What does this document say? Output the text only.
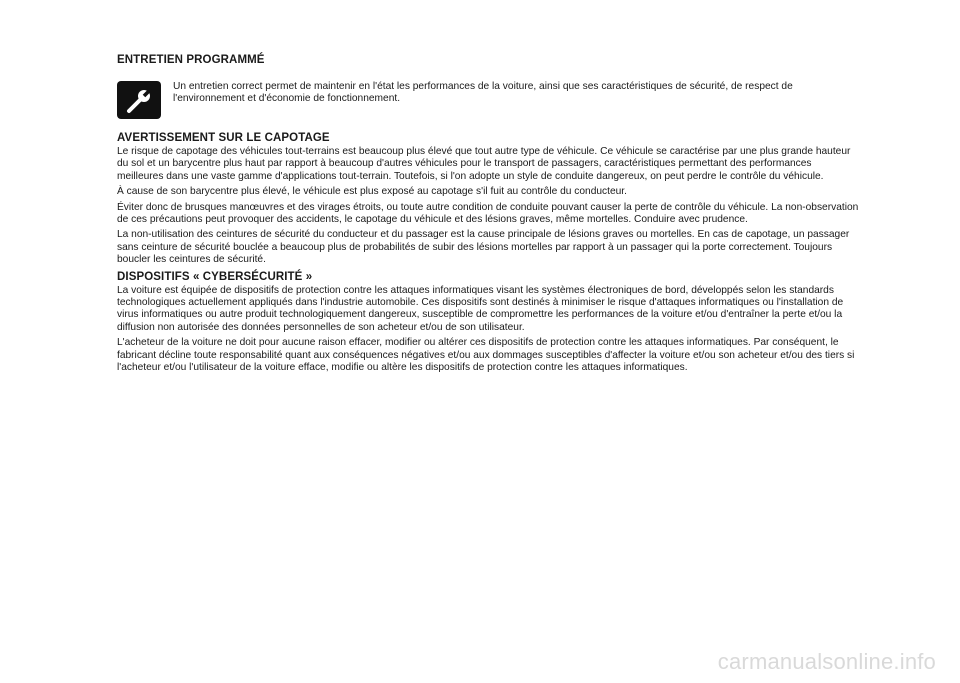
ENTRETIEN PROGRAMMÉ

Un entretien correct permet de maintenir en l'état les performances de la voiture, ainsi que ses caractéristiques de sécurité, de respect de l'environnement et d'économie de fonctionnement.

AVERTISSEMENT SUR LE CAPOTAGE

Le risque de capotage des véhicules tout-terrains est beaucoup plus élevé que tout autre type de véhicule. Ce véhicule se caractérise par une plus grande hauteur du sol et un barycentre plus haut par rapport à beaucoup d'autres véhicules pour le transport de passagers, caractéristiques permettant des performances meilleures dans une vaste gamme d'applications tout-terrain. Toutefois, si l'on adopte un style de conduite dangereux, on peut perdre le contrôle du véhicule.

À cause de son barycentre plus élevé, le véhicule est plus exposé au capotage s'il fuit au contrôle du conducteur.

Éviter donc de brusques manœuvres et des virages étroits, ou toute autre condition de conduite pouvant causer la perte de contrôle du véhicule. La non-observation de ces précautions peut provoquer des accidents, le capotage du véhicule et des lésions graves, même mortelles. Conduire avec prudence.

La non-utilisation des ceintures de sécurité du conducteur et du passager est la cause principale de lésions graves ou mortelles. En cas de capotage, un passager sans ceinture de sécurité bouclée a beaucoup plus de probabilités de subir des lésions mortelles par rapport à un passager qui la porte correctement. Toujours boucler les ceintures de sécurité.

DISPOSITIFS « CYBERSÉCURITÉ »

La voiture est équipée de dispositifs de protection contre les attaques informatiques visant les systèmes électroniques de bord, développés selon les standards technologiques actuellement appliqués dans l'industrie automobile. Ces dispositifs sont destinés à minimiser le risque d'attaques informatiques ou l'installation de virus informatiques ou autre produit technologiquement dangereux, susceptible de compromettre les performances de la voiture et/ou d'entraîner la perte et/ou la diffusion non autorisée des données personnelles de son acheteur et/ou de son utilisateur.

L'acheteur de la voiture ne doit pour aucune raison effacer, modifier ou altérer ces dispositifs de protection contre les attaques informatiques. Par conséquent, le fabricant décline toute responsabilité quant aux conséquences négatives et/ou aux dommages susceptibles d'affecter la voiture et/ou son acheteur et/ou des tiers si l'acheteur et/ou l'utilisateur de la voiture efface, modifie ou altère les dispositifs de protection contre les attaques informatiques.

carmanualsonline.info
